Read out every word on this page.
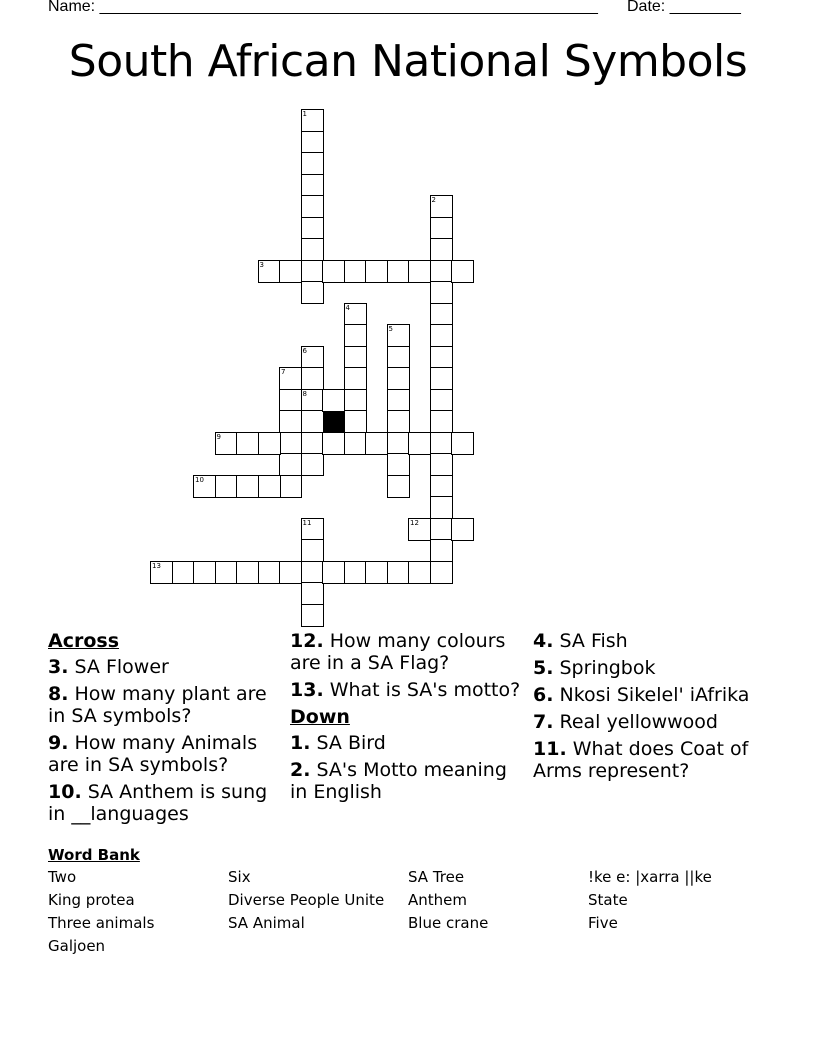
Name: ________________________________________________________ Date: ________
South African National Symbols
1
2
3
4
5
6
7
8
9
10
11	12
13
Across
3. SA Flower
8. How many plant are in SA symbols?
9. How many Animals are in SA symbols?
10. SA Anthem is sung in __languages
12. How many colours are in a SA Flag?
13. What is SA's motto?
Down
1. SA Bird
2. SA's Motto meaning in English
4. SA Fish
5. Springbok
6. Nkosi Sikelel' iAfrika
7. Real yellowwood
11. What does Coat of Arms represent?
Word Bank
Two	Six	SA Tree	!ke e: |xarra ||ke
King protea	Diverse People Unite	Anthem	State
Three animals	SA Animal	Blue crane	Five
Galjoen
